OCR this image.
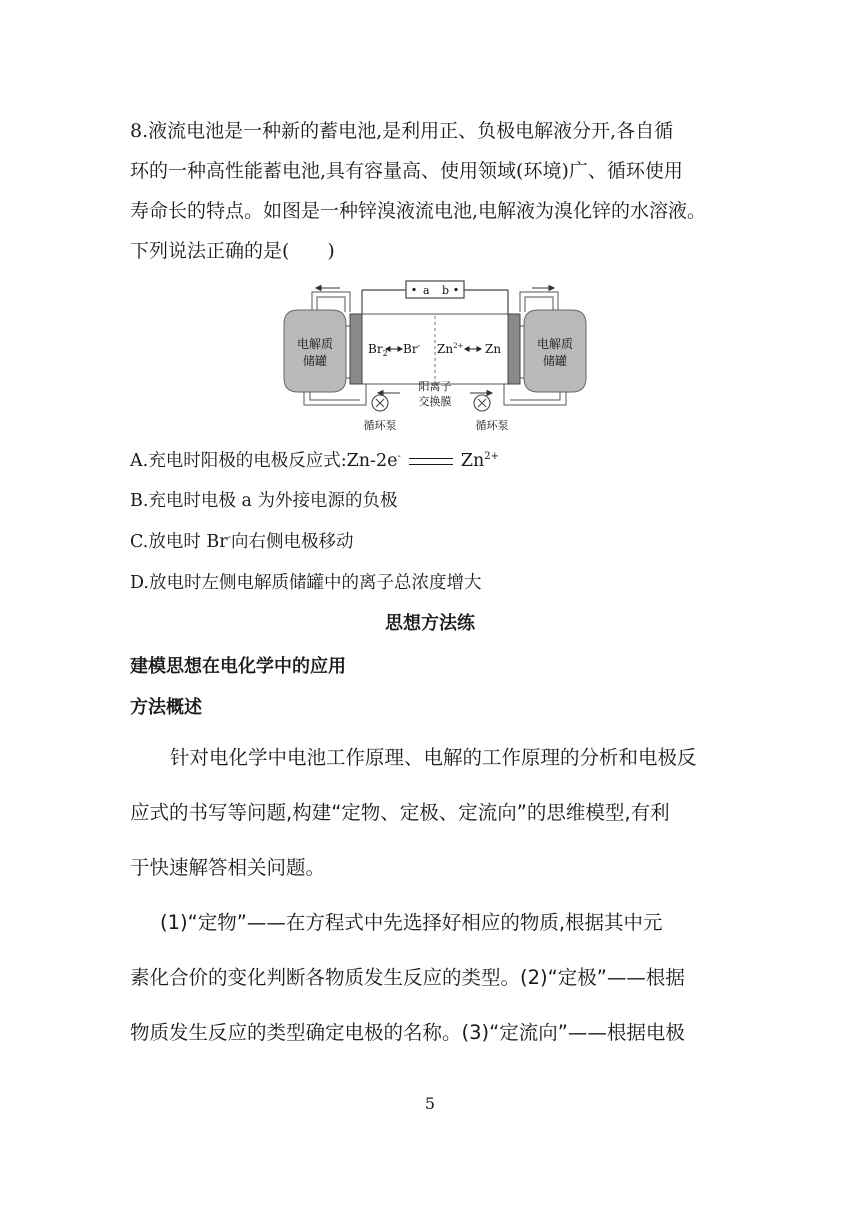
8.液流电池是一种新的蓄电池,是利用正、负极电解液分开,各自循
环的一种高性能蓄电池,具有容量高、使用领域(环境)广、循环使用
寿命长的特点。如图是一种锌溴液流电池,电解液为溴化锌的水溶液。
下列说法正确的是(　　)
a b
电解质
储罐
电解质
储罐
$Br_2$ Br- $Zn^{2+}$ Zn
阳离子
交换膜
循环泵	循环泵
A.充电时阳极的电极反应式:Zn-2e-	$Zn^{2+}$
B.充电时电极 a 为外接电源的负极
C.放电时 Br-向右侧电极移动
D.放电时左侧电解质储罐中的离子总浓度增大
思想方法练
建模思想在电化学中的应用
方法概述
针对电化学中电池工作原理、电解的工作原理的分析和电极反
应式的书写等问题,构建“定物、定极、定流向”的思维模型,有利
于快速解答相关问题。
(1)“定物”——在方程式中先选择好相应的物质,根据其中元
素化合价的变化判断各物质发生反应的类型。(2)“定极”——根据
物质发生反应的类型确定电极的名称。(3)“定流向”——根据电极
5
